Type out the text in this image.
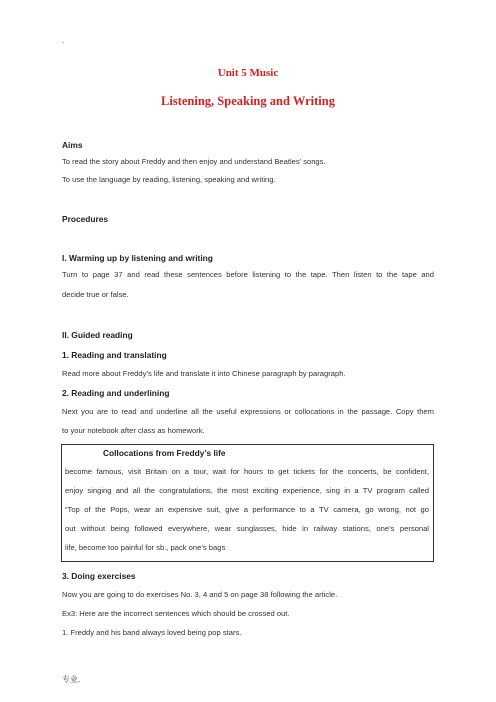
.
Unit 5 Music
Listening, Speaking and Writing
Aims
To read the story about Freddy and then enjoy and understand Beatles’ songs.
To use the language by reading, listening, speaking and writing.
Procedures
I. Warming up by listening and writing
Turn to page 37 and read these sentences before listening to the tape. Then listen to the tape and
decide true or false.
II. Guided reading
1. Reading and translating
Read more about Freddy’s life and translate it into Chinese paragraph by paragraph.
2. Reading and underlining
Next you are to read and underline all the useful expressions or collocations in the passage. Copy them
to your notebook after class as homework.
Collocations from Freddy’s life
become famous, visit Britain on a tour, wait for hours to get tickets for the concerts, be confident,
enjoy singing and all the congratulations, the most exciting experience, sing in a TV program called
“Top of the Pops, wear an expensive suit, give a performance to a TV camera, go wrong, not go
out without being followed everywhere, wear sunglasses, hide in railway stations, one’s personal
life, become too painful for sb., pack one’s bags
3. Doing exercises
Now you are going to do exercises No. 3, 4 and 5 on page 38 following the article.
Ex3: Here are the incorrect sentences which should be crossed out.
1. Freddy and his band always loved being pop stars.
专业.
